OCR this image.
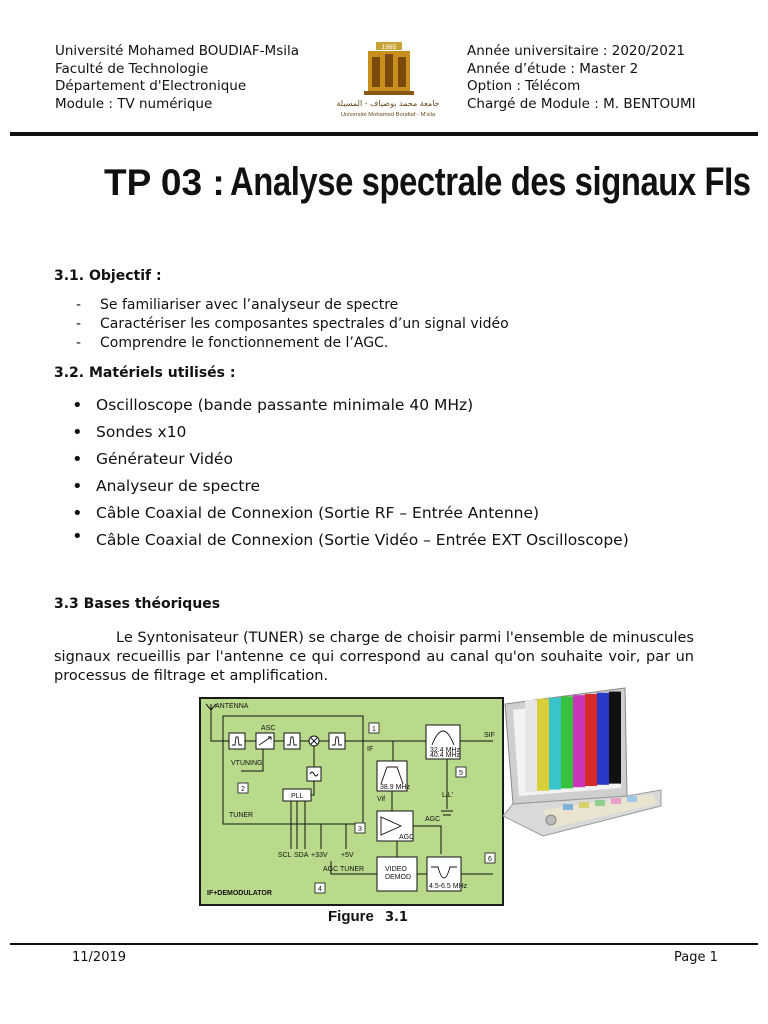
Université Mohamed BOUDIAF-Msila
Faculté de Technologie
Département d'Electronique
Module : TV numérique
1985
جامعة محمد بوضياف - المسيلة
Université Mohamed Boudiaf - M'sila
Année universitaire : 2020/2021
Année d’étude : Master 2
Option : Télécom
Chargé de Module : M. BENTOUMI
TP 03 : Analyse spectrale des signaux FIs
3.1. Objectif :
- Se familiariser avec l’analyseur de spectre
- Caractériser les composantes spectrales d’un signal vidéo
- Comprendre le fonctionnement de l’AGC.
3.2. Matériels utilisés :
• Oscilloscope (bande passante minimale 40 MHz)
• Sondes x10
• Générateur Vidéo
• Analyseur de spectre
• Câble Coaxial de Connexion (Sortie RF – Entrée Antenne)
• Câble Coaxial de Connexion (Sortie Vidéo – Entrée EXT Oscilloscope)
3.3 Bases théoriques
Le Syntonisateur (TUNER) se charge de choisir parmi l'ensemble de minuscules signaux recueillis par l'antenne ce qui correspond au canal qu'on souhaite voir, par un processus de filtrage et amplification.
1
2
3
4
5
6
ANTENNA
ASC
VTUNING
PLL
TUNER
IF
SIF
32.4 MHz
40.4 MHz
38.9 MHz
Vif
L/L'
AGC
AGC
SCL SDA +33V +5V
AGC TUNER	VIDEO
DEMOD
4.5-6.5 MHz
IF+DEMODULATOR
Figure 3.1
11/2019	Page 1
